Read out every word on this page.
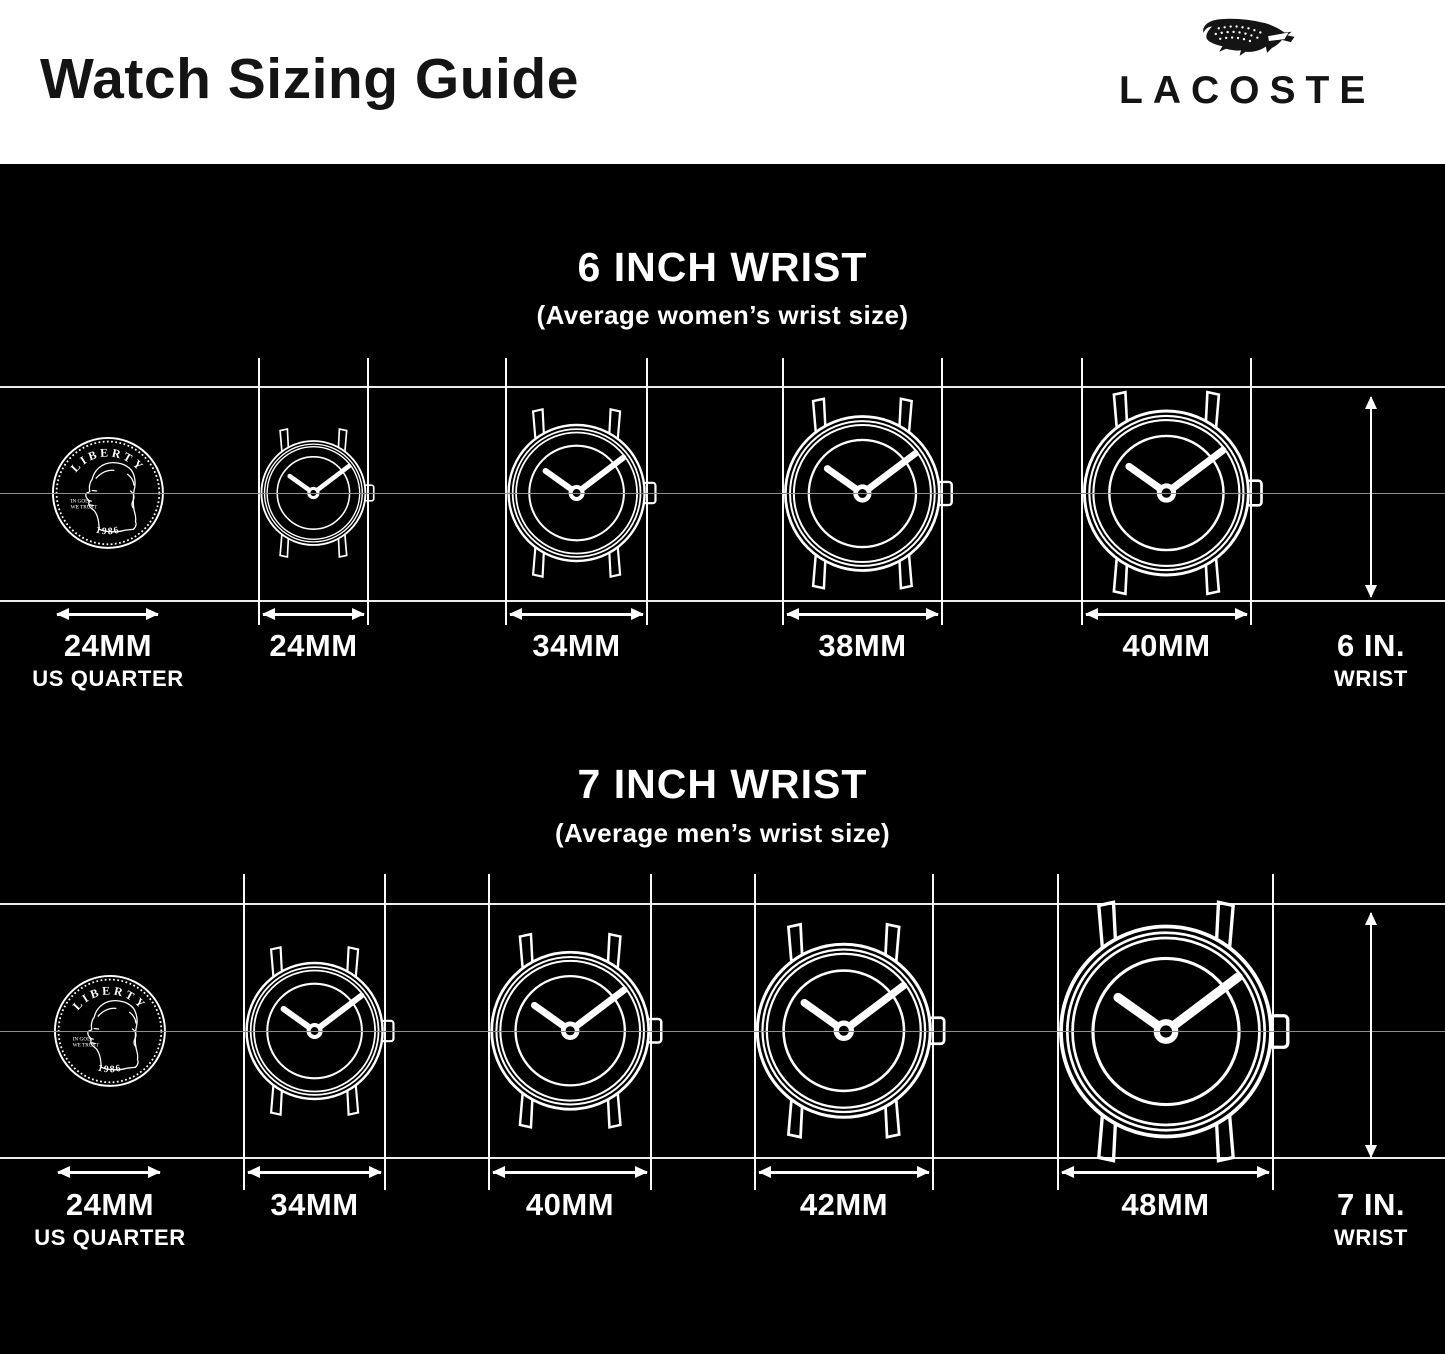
Watch Sizing Guide	LACOSTE
6 INCH WRIST
(Average women’s wrist size)
7 INCH WRIST
(Average men’s wrist size)
LIBERTY
1986
IN GOD
WE TRUST
24MM
US QUARTER
24MM	34MM	38MM	40MM	6 IN.
WRIST
LIBERTY
1986
IN GOD
WE TRUST
24MM
US QUARTER
34MM	40MM	42MM	48MM	7 IN.
WRIST
